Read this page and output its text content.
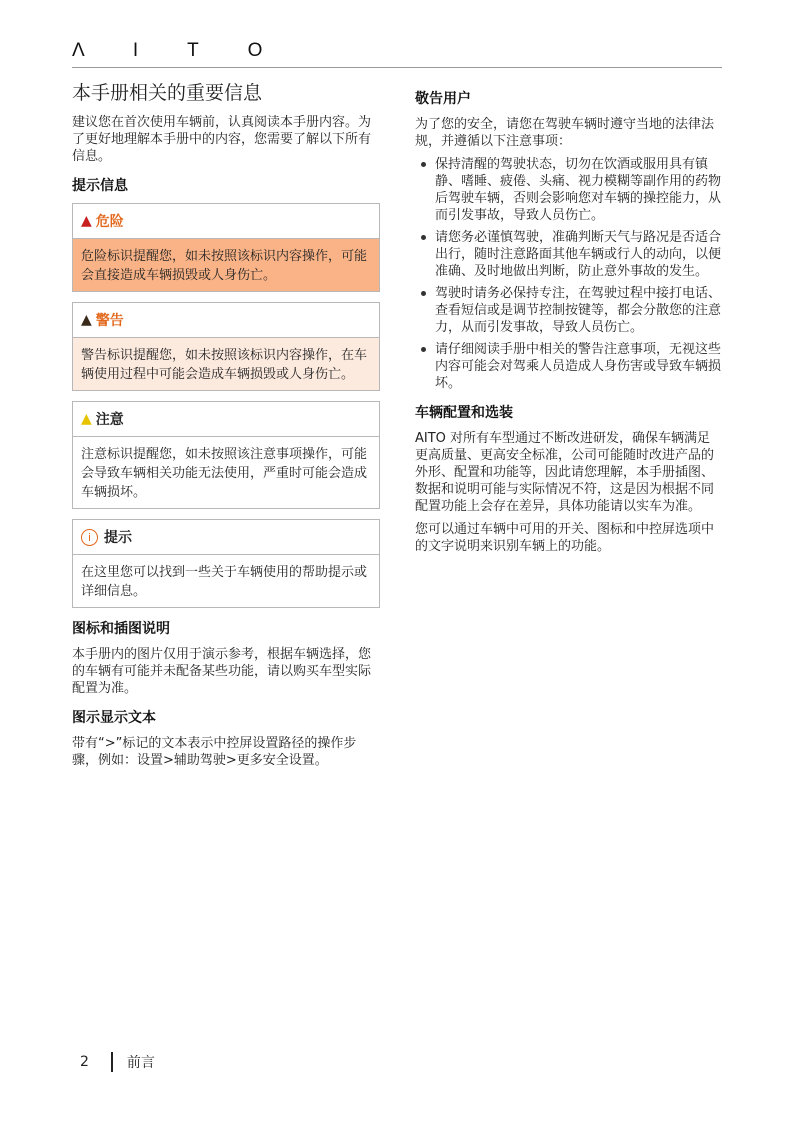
Λ I T O
本手册相关的重要信息

建议您在首次使用车辆前，认真阅读本手册内容。为了更好地理解本手册中的内容，您需要了解以下所有信息。

提示信息
▲ 危险
危险标识提醒您，如未按照该标识内容操作，可能会直接造成车辆损毁或人身伤亡。
▲ 警告
警告标识提醒您，如未按照该标识内容操作，在车辆使用过程中可能会造成车辆损毁或人身伤亡。
▲ 注意
注意标识提醒您，如未按照该注意事项操作，可能会导致车辆相关功能无法使用，严重时可能会造成车辆损坏。
i 提示
在这里您可以找到一些关于车辆使用的帮助提示或详细信息。
图标和插图说明

本手册内的图片仅用于演示参考，根据车辆选择，您的车辆有可能并未配备某些功能，请以购买车型实际配置为准。

图示显示文本

带有“>”标记的文本表示中控屏设置路径的操作步骤，例如：设置>辅助驾驶>更多安全设置。

敬告用户

为了您的安全，请您在驾驶车辆时遵守当地的法律法规，并遵循以下注意事项：

保持清醒的驾驶状态，切勿在饮酒或服用具有镇静、嗜睡、疲倦、头痛、视力模糊等副作用的药物后驾驶车辆，否则会影响您对车辆的操控能力，从而引发事故，导致人员伤亡。
请您务必谨慎驾驶，准确判断天气与路况是否适合出行，随时注意路面其他车辆或行人的动向，以便准确、及时地做出判断，防止意外事故的发生。
驾驶时请务必保持专注，在驾驶过程中接打电话、查看短信或是调节控制按键等，都会分散您的注意力，从而引发事故，导致人员伤亡。
请仔细阅读手册中相关的警告注意事项，无视这些内容可能会对驾乘人员造成人身伤害或导致车辆损坏。
车辆配置和选装

AITO 对所有车型通过不断改进研发，确保车辆满足更高质量、更高安全标准，公司可能随时改进产品的外形、配置和功能等，因此请您理解，本手册插图、数据和说明可能与实际情况不符，这是因为根据不同配置功能上会存在差异，具体功能请以实车为准。

您可以通过车辆中可用的开关、图标和中控屏选项中的文字说明来识别车辆上的功能。

2	前言
